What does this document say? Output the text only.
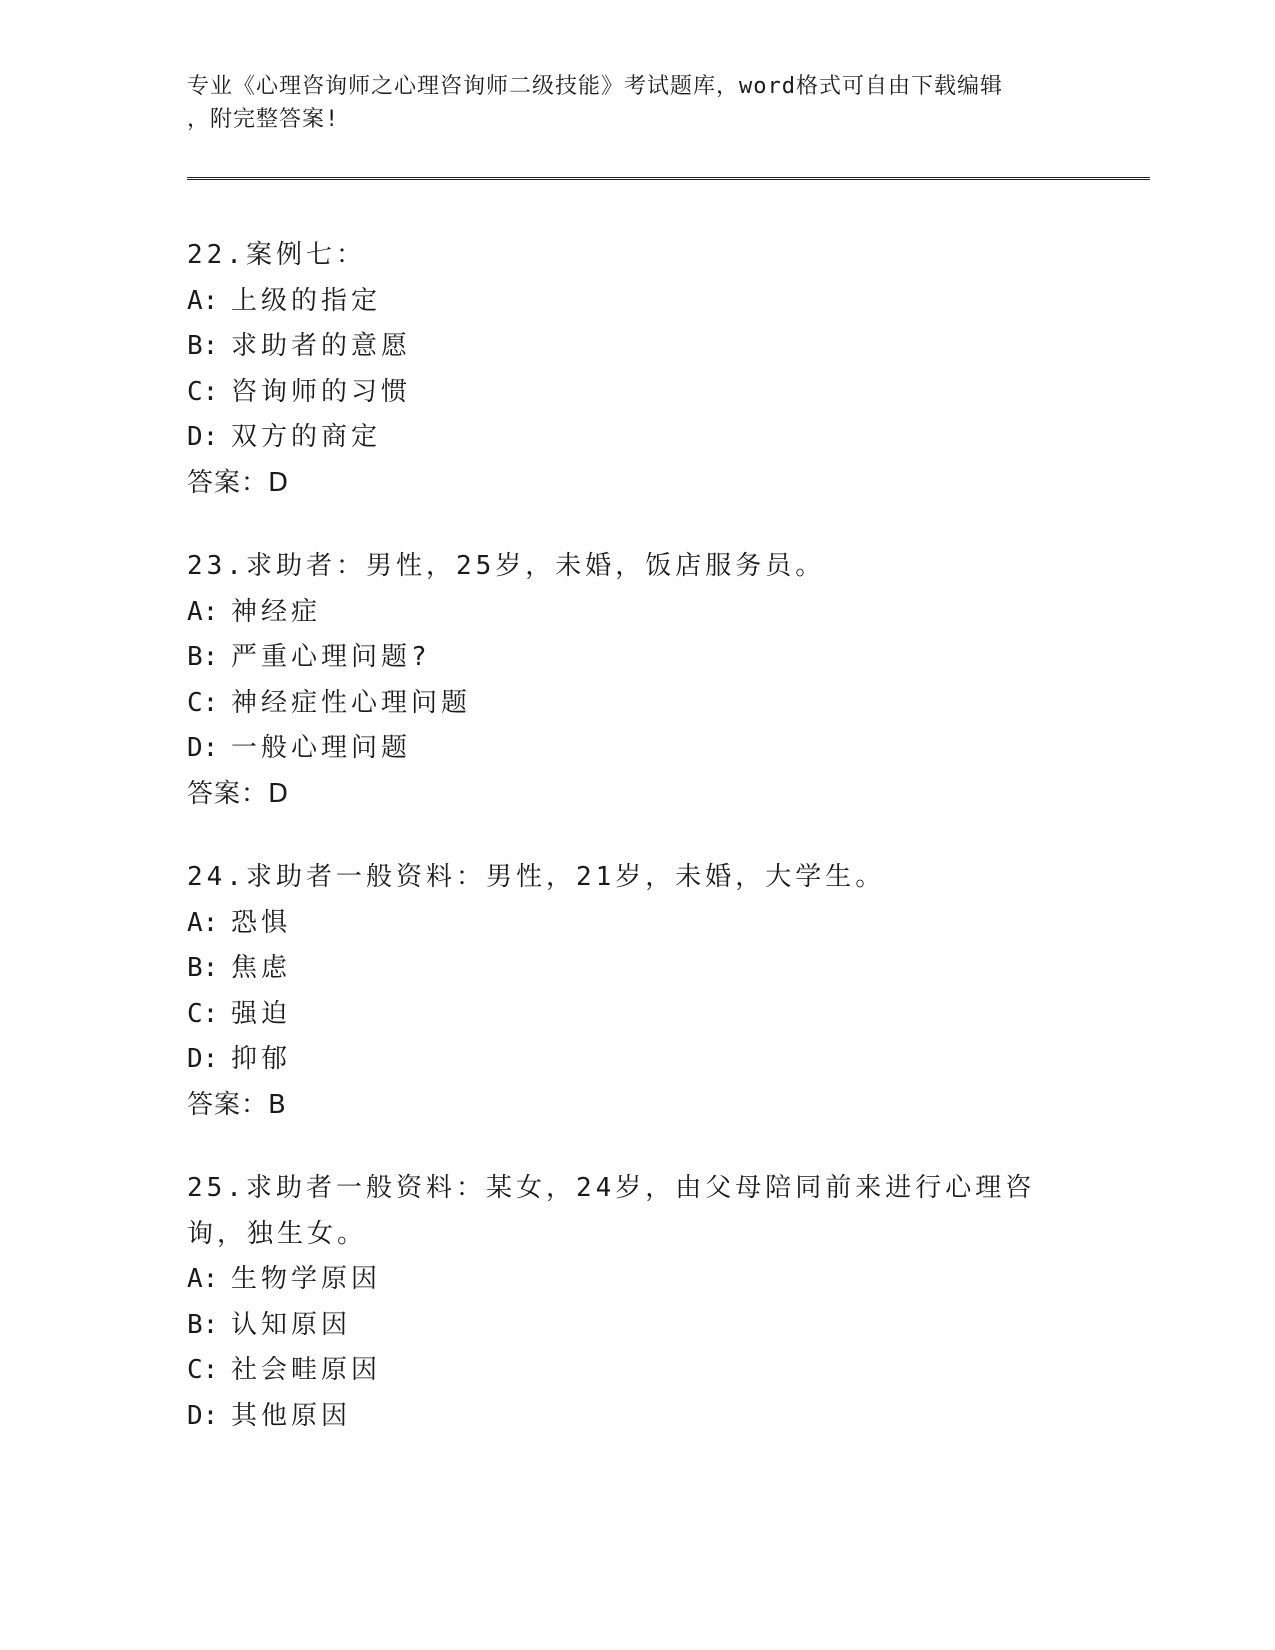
专业《心理咨询师之心理咨询师二级技能》考试题库，word格式可自由下载编辑
，附完整答案!
22.案例七：
A: 上级的指定
B: 求助者的意愿
C: 咨询师的习惯
D: 双方的商定
答案：D
23.求助者：男性，25岁，未婚，饭店服务员。
A: 神经症
B: 严重心理问题?
C: 神经症性心理问题
D: 一般心理问题
答案：D
24.求助者一般资料：男性，21岁，未婚，大学生。
A: 恐惧
B: 焦虑
C: 强迫
D: 抑郁
答案：B
25.求助者一般资料：某女，24岁，由父母陪同前来进行心理咨询，独生女。
A: 生物学原因
B: 认知原因
C: 社会畦原因
D: 其他原因
